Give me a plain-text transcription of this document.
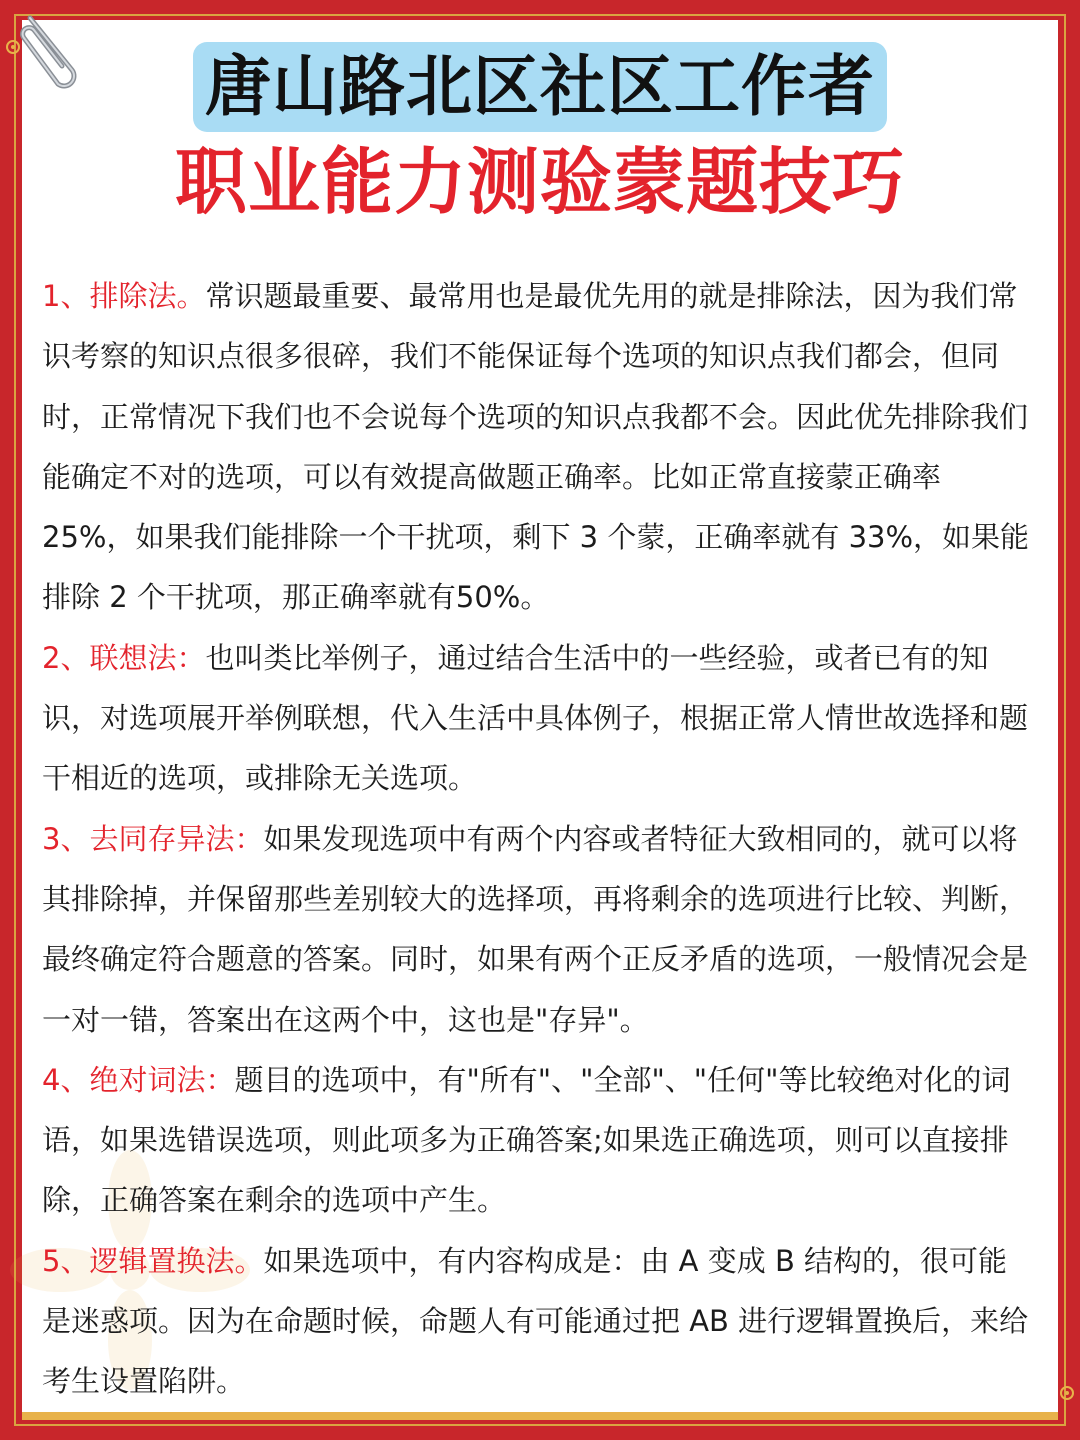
唐山路北区社区工作者
职业能力测验蒙题技巧

1、排除法。常识题最重要、最常用也是最优先用的就是排除法，因为我们常识考察的知识点很多很碎，我们不能保证每个选项的知识点我们都会，但同时，正常情况下我们也不会说每个选项的知识点我都不会。因此优先排除我们能确定不对的选项，可以有效提高做题正确率。比如正常直接蒙正确率 25%，如果我们能排除一个干扰项，剩下 3 个蒙，正确率就有 33%，如果能排除 2 个干扰项，那正确率就有50%。

2、联想法：也叫类比举例子，通过结合生活中的一些经验，或者已有的知识，对选项展开举例联想，代入生活中具体例子，根据正常人情世故选择和题干相近的选项，或排除无关选项。

3、去同存异法：如果发现选项中有两个内容或者特征大致相同的，就可以将其排除掉，并保留那些差别较大的选择项，再将剩余的选项进行比较、判断，最终确定符合题意的答案。同时，如果有两个正反矛盾的选项，一般情况会是一对一错，答案出在这两个中，这也是"存异"。

4、绝对词法：题目的选项中，有"所有"、"全部"、"任何"等比较绝对化的词语，如果选错误选项，则此项多为正确答案;如果选正确选项，则可以直接排除，正确答案在剩余的选项中产生。

5、逻辑置换法。如果选项中，有内容构成是：由 A 变成 B 结构的，很可能是迷惑项。因为在命题时候，命题人有可能通过把 AB 进行逻辑置换后，来给考生设置陷阱。
